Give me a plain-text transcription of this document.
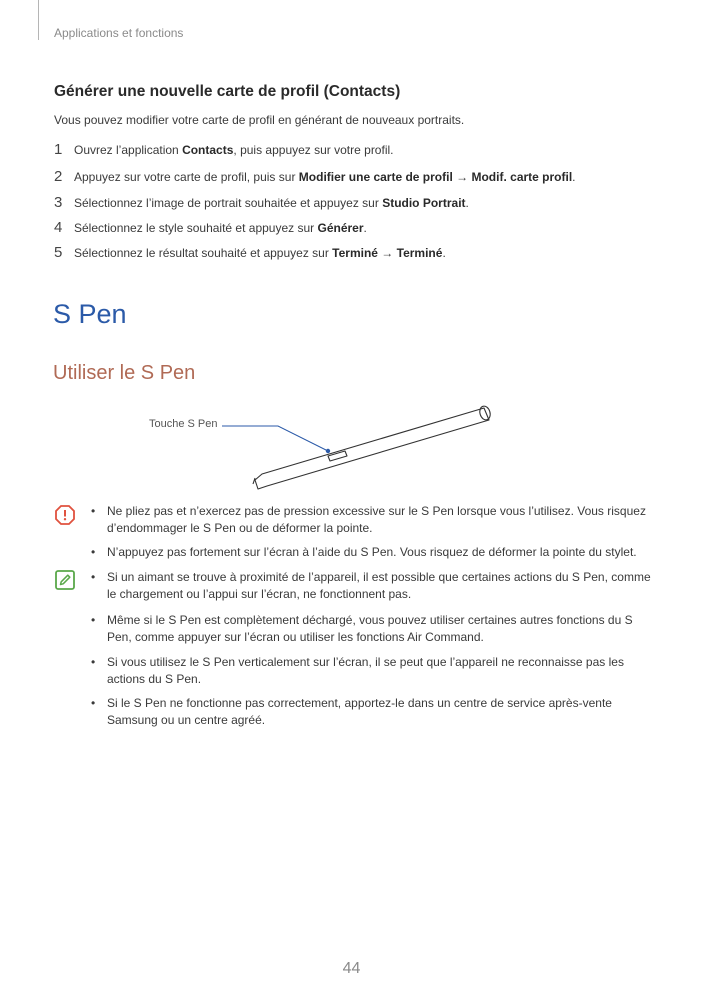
Applications et fonctions
Générer une nouvelle carte de profil (Contacts)
Vous pouvez modifier votre carte de profil en générant de nouveaux portraits.
1 Ouvrez l’application Contacts, puis appuyez sur votre profil.
2 Appuyez sur votre carte de profil, puis sur Modifier une carte de profil → Modif. carte profil.
3 Sélectionnez l’image de portrait souhaitée et appuyez sur Studio Portrait.
4 Sélectionnez le style souhaité et appuyez sur Générer.
5 Sélectionnez le résultat souhaité et appuyez sur Terminé → Terminé.
S Pen
Utiliser le S Pen
Touche S Pen
• Ne pliez pas et n’exercez pas de pression excessive sur le S Pen lorsque vous l’utilisez. Vous risquez d’endommager le S Pen ou de déformer la pointe.
• N’appuyez pas fortement sur l’écran à l’aide du S Pen. Vous risquez de déformer la pointe du stylet.
• Si un aimant se trouve à proximité de l’appareil, il est possible que certaines actions du S Pen, comme le chargement ou l’appui sur l’écran, ne fonctionnent pas.
• Même si le S Pen est complètement déchargé, vous pouvez utiliser certaines autres fonctions du S Pen, comme appuyer sur l’écran ou utiliser les fonctions Air Command.
• Si vous utilisez le S Pen verticalement sur l’écran, il se peut que l’appareil ne reconnaisse pas les actions du S Pen.
• Si le S Pen ne fonctionne pas correctement, apportez-le dans un centre de service après-vente Samsung ou un centre agréé.
44
